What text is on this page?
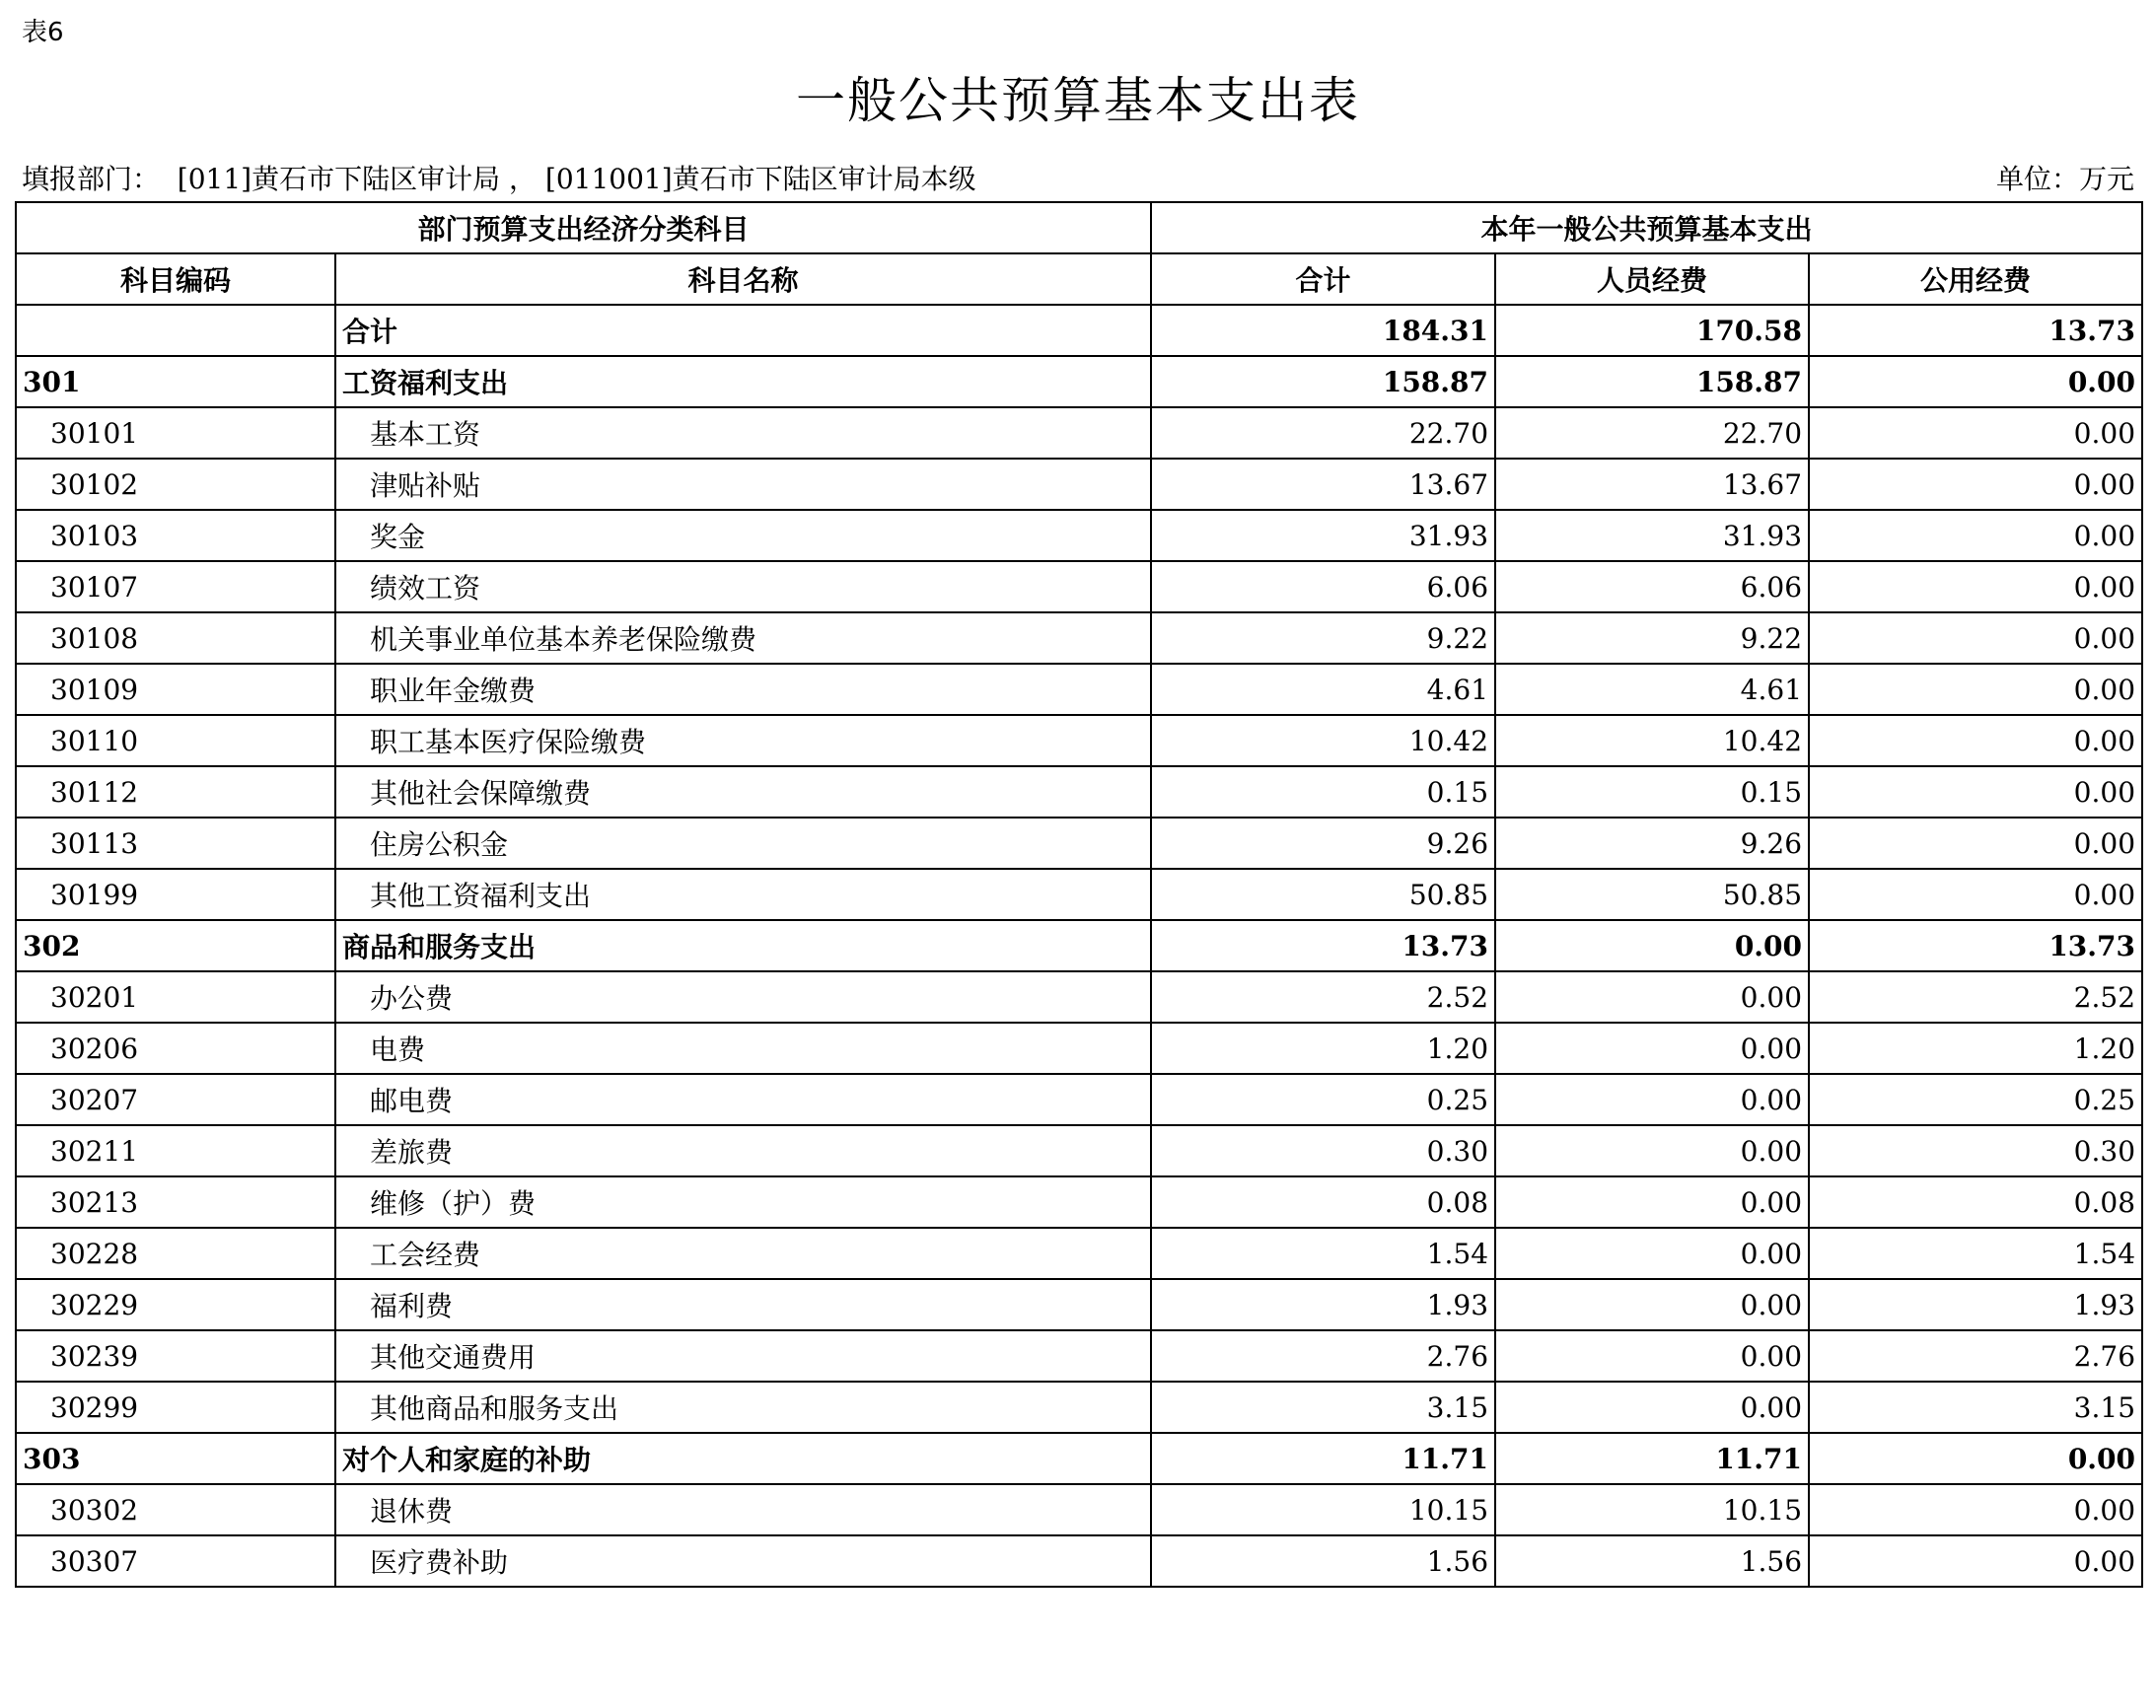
表6
一般公共预算基本支出表
填报部门：  [011]黄石市下陆区审计局 ， [011001]黄石市下陆区审计局本级	单位：万元
部门预算支出经济分类科目		本年一般公共预算基本支出		
科目编码	科目名称	合计	人员经费	公用经费
	合计	184.31	170.58	13.73
301	工资福利支出	158.87	158.87	0.00
30101	基本工资	22.70	22.70	0.00
30102	津贴补贴	13.67	13.67	0.00
30103	奖金	31.93	31.93	0.00
30107	绩效工资	6.06	6.06	0.00
30108	机关事业单位基本养老保险缴费	9.22	9.22	0.00
30109	职业年金缴费	4.61	4.61	0.00
30110	职工基本医疗保险缴费	10.42	10.42	0.00
30112	其他社会保障缴费	0.15	0.15	0.00
30113	住房公积金	9.26	9.26	0.00
30199	其他工资福利支出	50.85	50.85	0.00
302	商品和服务支出	13.73	0.00	13.73
30201	办公费	2.52	0.00	2.52
30206	电费	1.20	0.00	1.20
30207	邮电费	0.25	0.00	0.25
30211	差旅费	0.30	0.00	0.30
30213	维修（护）费	0.08	0.00	0.08
30228	工会经费	1.54	0.00	1.54
30229	福利费	1.93	0.00	1.93
30239	其他交通费用	2.76	0.00	2.76
30299	其他商品和服务支出	3.15	0.00	3.15
303	对个人和家庭的补助	11.71	11.71	0.00
30302	退休费	10.15	10.15	0.00
30307	医疗费补助	1.56	1.56	0.00
